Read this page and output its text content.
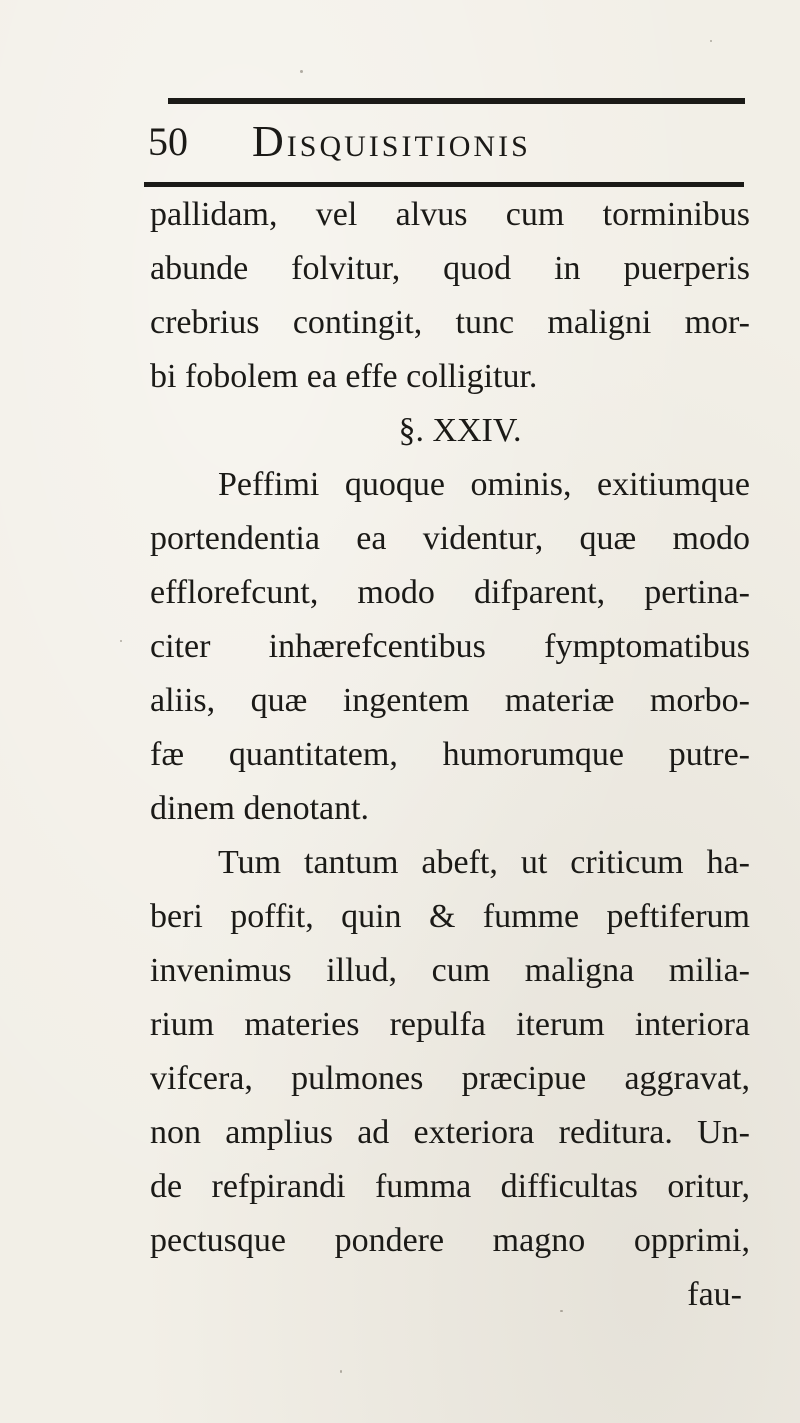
50 DISQUISITIONIS
pallidam, vel alvus cum torminibus
abunde folvitur, quod in puerperis
crebrius contingit, tunc maligni mor-
bi fobolem ea effe colligitur.
§. XXIV.
Peffimi quoque ominis, exitiumque
portendentia ea videntur, quæ modo
efflorefcunt, modo difparent, pertina-
citer inhærefcentibus fymptomatibus
aliis, quæ ingentem materiæ morbo-
fæ quantitatem, humorumque putre-
dinem denotant.
Tum tantum abeft, ut criticum ha-
beri poffit, quin & fumme peftiferum
invenimus illud, cum maligna milia-
rium materies repulfa iterum interiora
vifcera, pulmones præcipue aggravat,
non amplius ad exteriora reditura. Un-
de refpirandi fumma difficultas oritur,
pectusque pondere magno opprimi,
fau-
